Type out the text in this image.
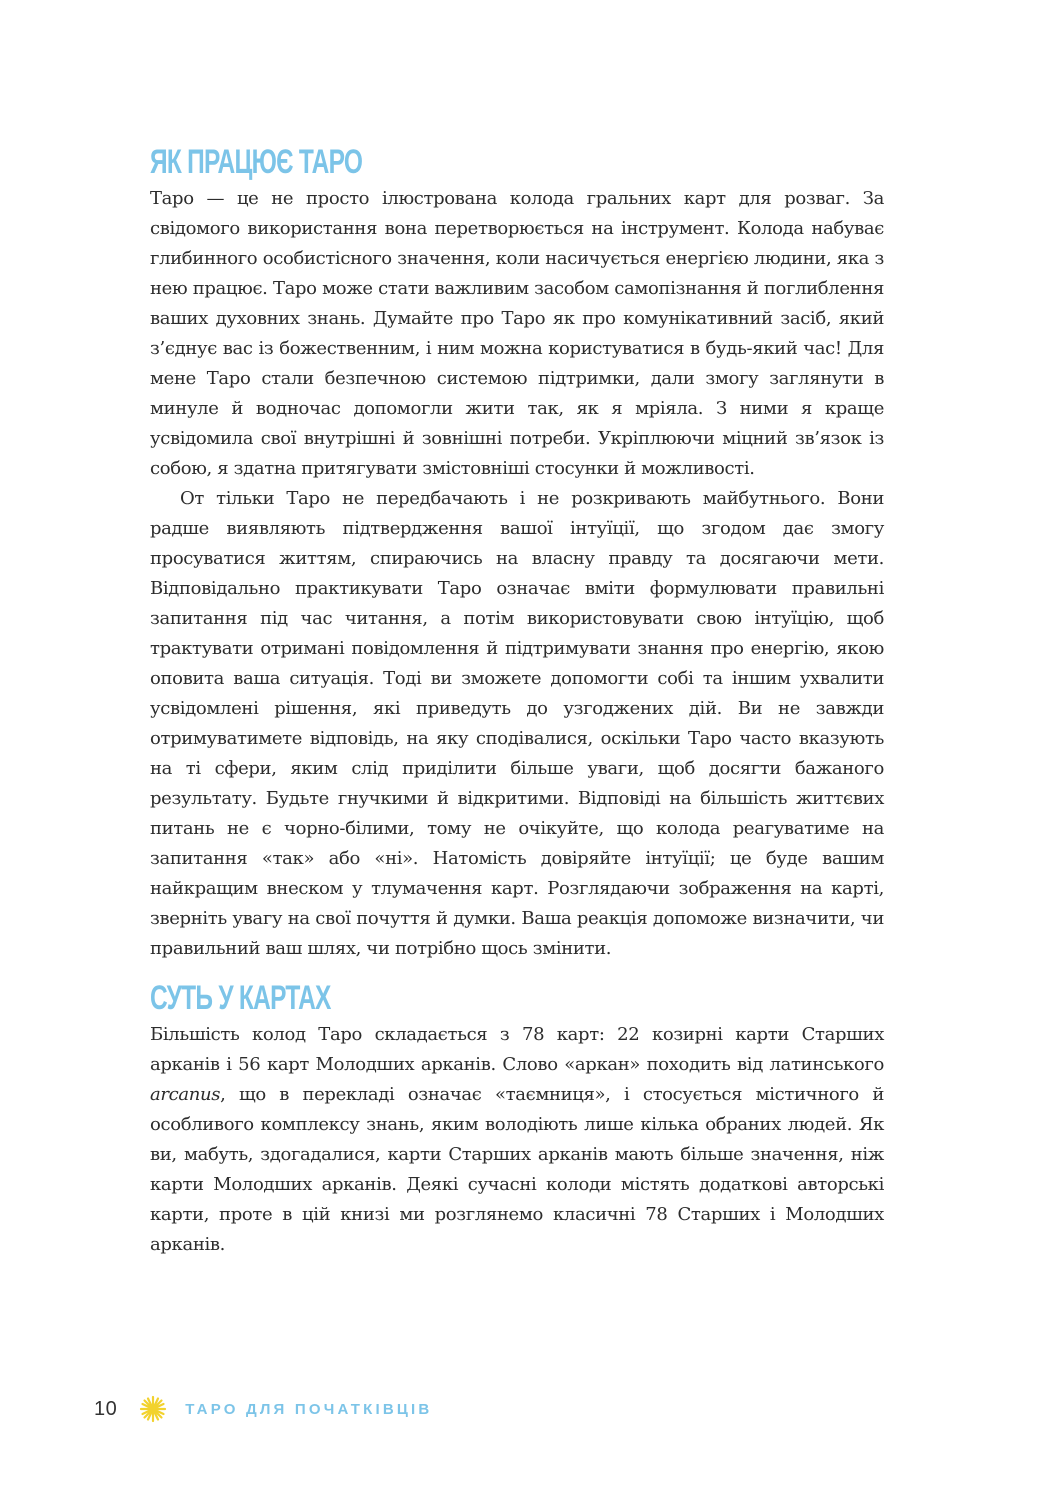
ЯК ПРАЦЮЄ ТАРО

Таро — це не просто ілюстрована колода гральних карт для розваг. За свідомого використання вона перетворюється на інструмент. Колода набуває глибинного особистісного значення, коли насичується енергією людини, яка з нею працює. Таро може стати важливим засобом самопізнання й поглиблення ваших духовних знань. Думайте про Таро як про комунікативний засіб, який з’єднує вас із божественним, і ним можна користуватися в будь-який час! Для мене Таро стали безпечною системою підтримки, дали змогу заглянути в минуле й водночас допомогли жити так, як я мріяла. З ними я краще усвідомила свої внутрішні й зовнішні потреби. Укріплюючи міцний зв’язок із собою, я здатна притягувати змістовніші стосунки й можливості.

От тільки Таро не передбачають і не розкривають майбутнього. Вони радше виявляють підтвердження вашої інтуїції, що згодом дає змогу просуватися життям, спираючись на власну правду та досягаючи мети. Відповідально практикувати Таро означає вміти формулювати правильні запитання під час читання, а потім використовувати свою інтуїцію, щоб трактувати отримані повідомлення й підтримувати знання про енергію, якою оповита ваша ситуація. Тоді ви зможете допомогти собі та іншим ухвалити усвідомлені рішення, які приведуть до узгоджених дій. Ви не завжди отримуватимете відповідь, на яку сподівалися, оскільки Таро часто вказують на ті сфери, яким слід приділити більше уваги, щоб досягти бажаного результату. Будьте гнучкими й відкритими. Відповіді на більшість життєвих питань не є чорно-білими, тому не очікуйте, що колода реагуватиме на запитання «так» або «ні». Натомість довіряйте інтуїції; це буде вашим найкращим внеском у тлумачення карт. Розглядаючи зображення на карті, зверніть увагу на свої почуття й думки. Ваша реакція допоможе визначити, чи правильний ваш шлях, чи потрібно щось змінити.

СУТЬ У КАРТАХ

Більшість колод Таро складається з 78 карт: 22 козирні карти Старших арканів і 56 карт Молодших арканів. Слово «аркан» походить від латинського arcanus, що в перекладі означає «таємниця», і стосується містичного й особливого комплексу знань, яким володіють лише кілька обраних людей. Як ви, мабуть, здогадалися, карти Старших арканів мають більше значення, ніж карти Молодших арканів. Деякі сучасні колоди містять додаткові авторські карти, проте в цій книзі ми розглянемо класичні 78 Старших і Молодших арканів.

10	ТАРО ДЛЯ ПОЧАТКІВЦІВ
